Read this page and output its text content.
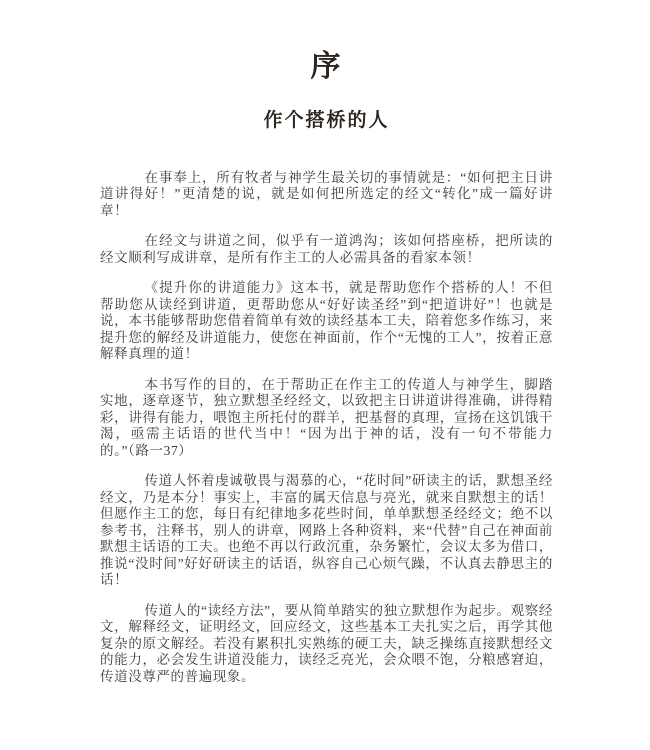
序
作个搭桥的人

在事奉上，所有牧者与神学生最关切的事情就是：“如何把主日讲道讲得好！”更清楚的说，就是如何把所选定的经文“转化”成一篇好讲章！

在经文与讲道之间，似乎有一道鸿沟；该如何搭座桥，把所读的经文顺利写成讲章，是所有作主工的人必需具备的看家本领！

《提升你的讲道能力》这本书，就是帮助您作个搭桥的人！不但帮助您从读经到讲道，更帮助您从“好好读圣经”到“把道讲好”！也就是说，本书能够帮助您借着简单有效的读经基本工夫，陪着您多作练习，来提升您的解经及讲道能力，使您在神面前，作个“无愧的工人”，按着正意解释真理的道！

本书写作的目的，在于帮助正在作主工的传道人与神学生，脚踏实地，逐章逐节，独立默想圣经经文，以致把主日讲道讲得准确，讲得精彩，讲得有能力，喂饱主所托付的群羊，把基督的真理，宣扬在这饥饿干渴，亟需主话语的世代当中！“因为出于神的话，没有一句不带能力的。”（路一37）

传道人怀着虔诚敬畏与渴慕的心，“花时间”研读主的话，默想圣经经文，乃是本分！事实上，丰富的属天信息与亮光，就来自默想主的话！但愿作主工的您，每日有纪律地多花些时间，单单默想圣经经文；绝不以参考书，注释书，别人的讲章，网路上各种资料，来“代替”自己在神面前默想主话语的工夫。也绝不再以行政沉重，杂务繁忙，会议太多为借口，推说“没时间”好好研读主的话语，纵容自己心烦气躁，不认真去静思主的话！

传道人的“读经方法”，要从简单踏实的独立默想作为起步。观察经文，解释经文，证明经文，回应经文，这些基本工夫扎实之后，再学其他复杂的原文解经。若没有累积扎实熟练的硬工夫，缺乏操练直接默想经文的能力，必会发生讲道没能力，读经乏亮光，会众喂不饱，分粮感窘迫，传道没尊严的普遍现象。
